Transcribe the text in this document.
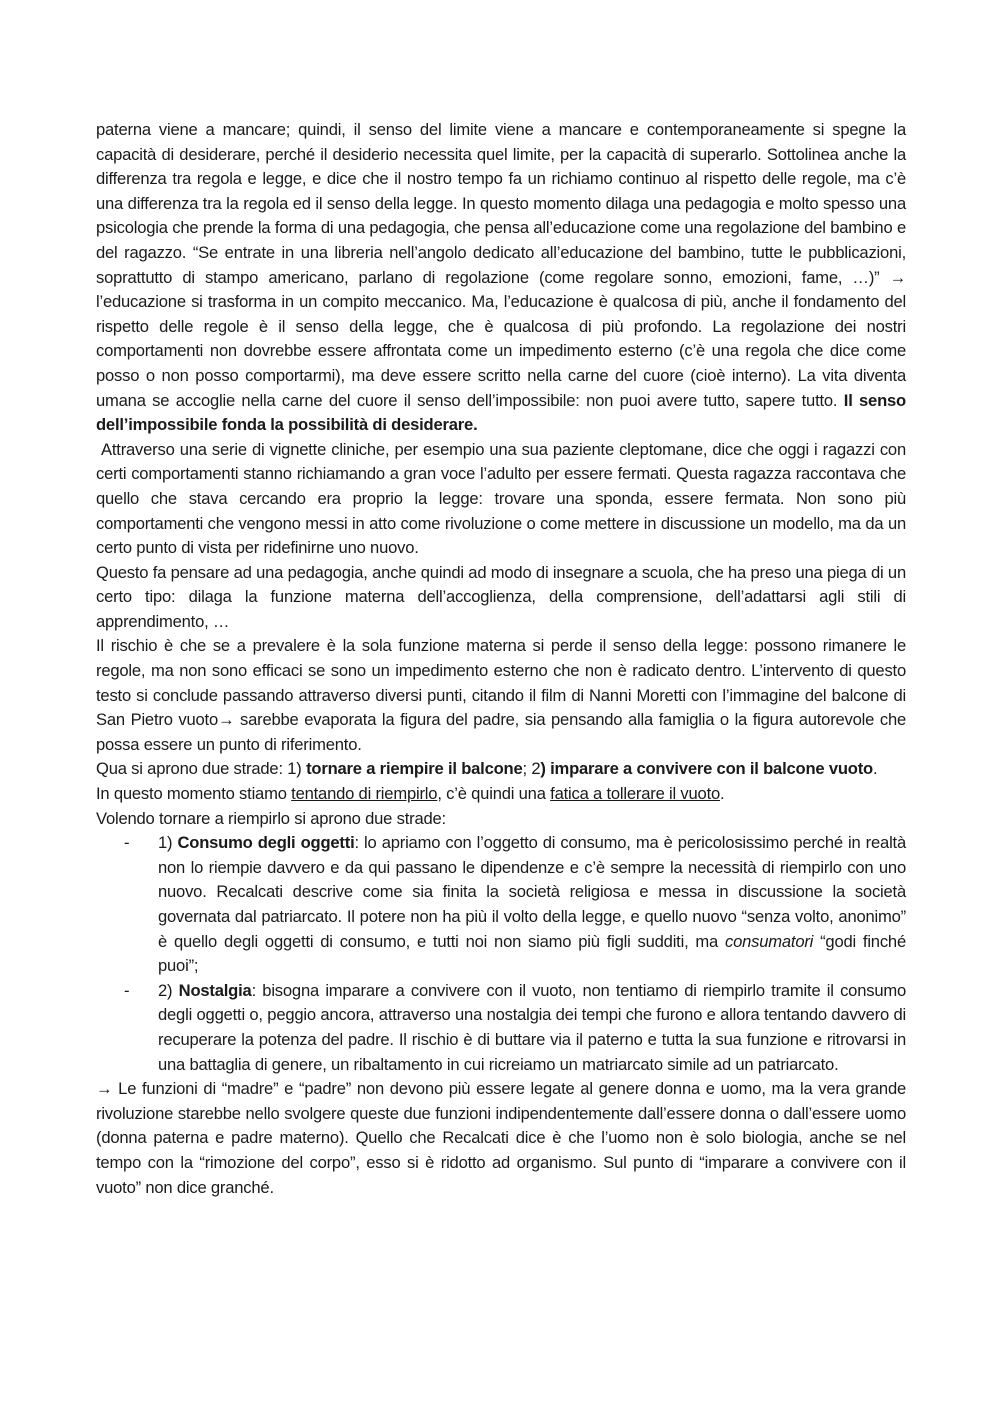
paterna viene a mancare; quindi, il senso del limite viene a mancare e contemporaneamente si spegne la capacità di desiderare, perché il desiderio necessita quel limite, per la capacità di superarlo. Sottolinea anche la differenza tra regola e legge, e dice che il nostro tempo fa un richiamo continuo al rispetto delle regole, ma c’è una differenza tra la regola ed il senso della legge. In questo momento dilaga una pedagogia e molto spesso una psicologia che prende la forma di una pedagogia, che pensa all’educazione come una regolazione del bambino e del ragazzo. “Se entrate in una libreria nell’angolo dedicato all’educazione del bambino, tutte le pubblicazioni, soprattutto di stampo americano, parlano di regolazione (come regolare sonno, emozioni, fame, …)” → l’educazione si trasforma in un compito meccanico. Ma, l’educazione è qualcosa di più, anche il fondamento del rispetto delle regole è il senso della legge, che è qualcosa di più profondo. La regolazione dei nostri comportamenti non dovrebbe essere affrontata come un impedimento esterno (c’è una regola che dice come posso o non posso comportarmi), ma deve essere scritto nella carne del cuore (cioè interno). La vita diventa umana se accoglie nella carne del cuore il senso dell’impossibile: non puoi avere tutto, sapere tutto. Il senso dell’impossibile fonda la possibilità di desiderare.

Attraverso una serie di vignette cliniche, per esempio una sua paziente cleptomane, dice che oggi i ragazzi con certi comportamenti stanno richiamando a gran voce l’adulto per essere fermati. Questa ragazza raccontava che quello che stava cercando era proprio la legge: trovare una sponda, essere fermata. Non sono più comportamenti che vengono messi in atto come rivoluzione o come mettere in discussione un modello, ma da un certo punto di vista per ridefinirne uno nuovo.

Questo fa pensare ad una pedagogia, anche quindi ad modo di insegnare a scuola, che ha preso una piega di un certo tipo: dilaga la funzione materna dell’accoglienza, della comprensione, dell’adattarsi agli stili di apprendimento, …

Il rischio è che se a prevalere è la sola funzione materna si perde il senso della legge: possono rimanere le regole, ma non sono efficaci se sono un impedimento esterno che non è radicato dentro. L’intervento di questo testo si conclude passando attraverso diversi punti, citando il film di Nanni Moretti con l’immagine del balcone di San Pietro vuoto→ sarebbe evaporata la figura del padre, sia pensando alla famiglia o la figura autorevole che possa essere un punto di riferimento.

Qua si aprono due strade: 1) tornare a riempire il balcone; 2) imparare a convivere con il balcone vuoto.

In questo momento stiamo tentando di riempirlo, c’è quindi una fatica a tollerare il vuoto.

Volendo tornare a riempirlo si aprono due strade:

- 1) Consumo degli oggetti: lo apriamo con l’oggetto di consumo, ma è pericolosissimo perché in realtà non lo riempie davvero e da qui passano le dipendenze e c’è sempre la necessità di riempirlo con uno nuovo. Recalcati descrive come sia finita la società religiosa e messa in discussione la società governata dal patriarcato. Il potere non ha più il volto della legge, e quello nuovo “senza volto, anonimo” è quello degli oggetti di consumo, e tutti noi non siamo più figli sudditi, ma consumatori “godi finché puoi”;
- 2) Nostalgia: bisogna imparare a convivere con il vuoto, non tentiamo di riempirlo tramite il consumo degli oggetti o, peggio ancora, attraverso una nostalgia dei tempi che furono e allora tentando davvero di recuperare la potenza del padre. Il rischio è di buttare via il paterno e tutta la sua funzione e ritrovarsi in una battaglia di genere, un ribaltamento in cui ricreiamo un matriarcato simile ad un patriarcato.

→ Le funzioni di “madre” e “padre” non devono più essere legate al genere donna e uomo, ma la vera grande rivoluzione starebbe nello svolgere queste due funzioni indipendentemente dall’essere donna o dall’essere uomo (donna paterna e padre materno). Quello che Recalcati dice è che l’uomo non è solo biologia, anche se nel tempo con la “rimozione del corpo”, esso si è ridotto ad organismo. Sul punto di “imparare a convivere con il vuoto” non dice granché.
